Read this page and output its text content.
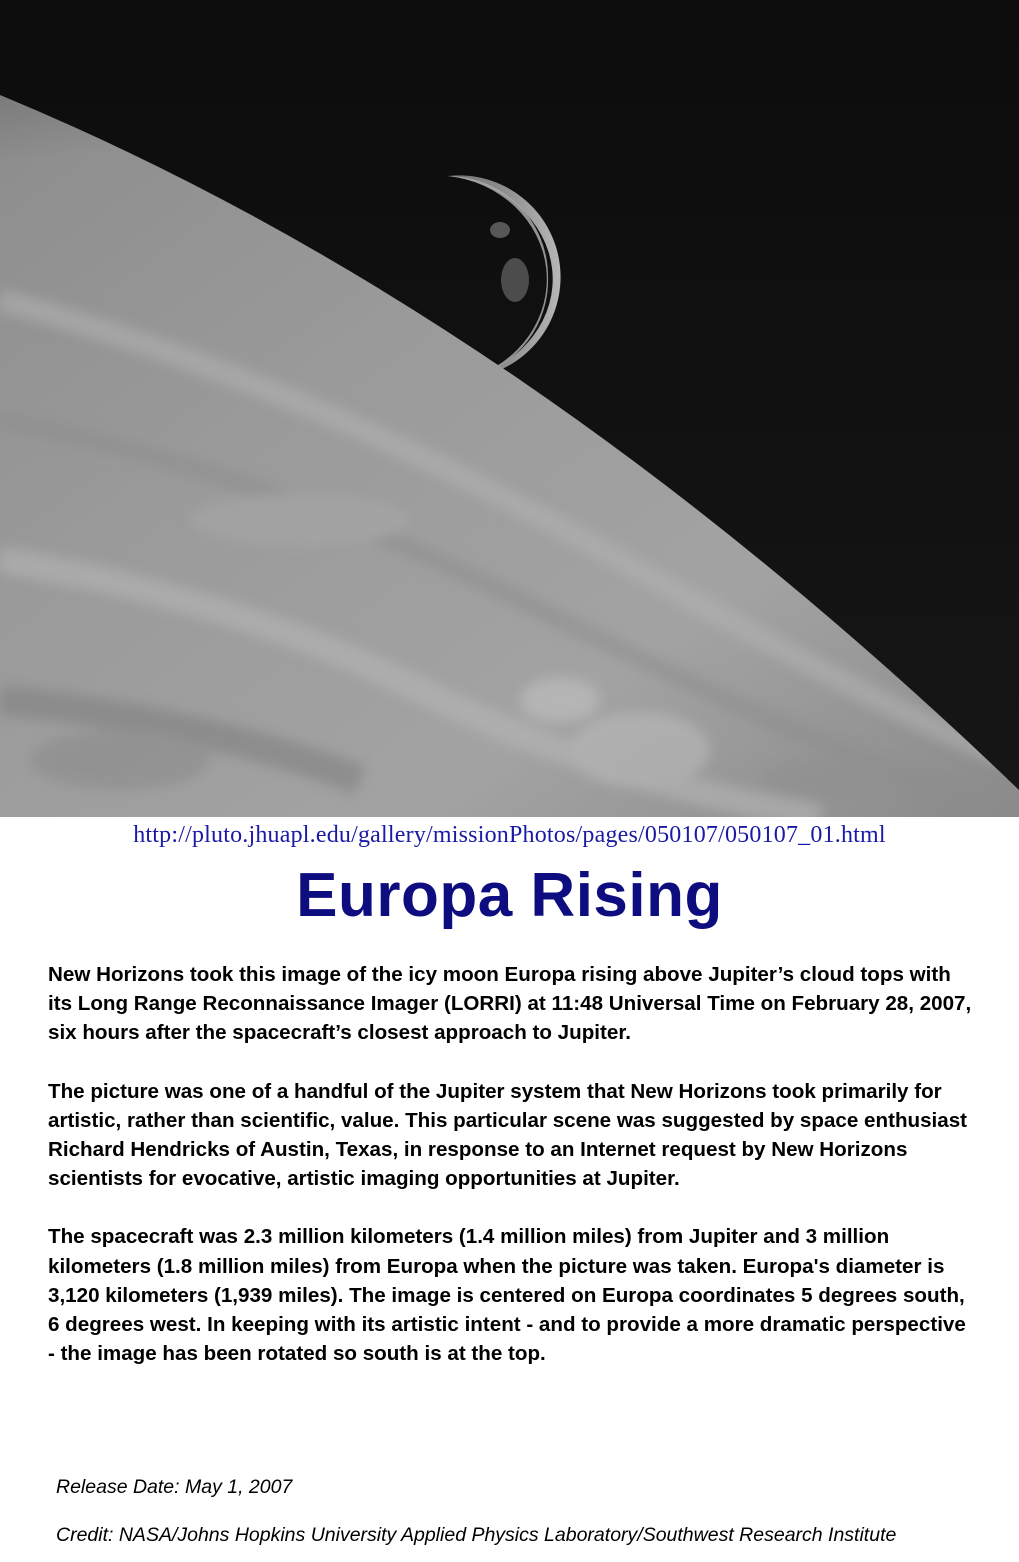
http://pluto.jhuapl.edu/gallery/missionPhotos/pages/050107/050107_01.html
Europa Rising

New Horizons took this image of the icy moon Europa rising above Jupiter’s cloud tops with its Long Range Reconnaissance Imager (LORRI) at 11:48 Universal Time on February 28, 2007, six hours after the spacecraft’s closest approach to Jupiter.

The picture was one of a handful of the Jupiter system that New Horizons took primarily for artistic, rather than scientific, value. This particular scene was suggested by space enthusiast Richard Hendricks of Austin, Texas, in response to an Internet request by New Horizons scientists for evocative, artistic imaging opportunities at Jupiter.

The spacecraft was 2.3 million kilometers (1.4 million miles) from Jupiter and 3 million kilometers (1.8 million miles) from Europa when the picture was taken. Europa's diameter is 3,120 kilometers (1,939 miles). The image is centered on Europa coordinates 5 degrees south, 6 degrees west. In keeping with its artistic intent - and to provide a more dramatic perspective - the image has been rotated so south is at the top.

Release Date: May 1, 2007
Credit: NASA/Johns Hopkins University Applied Physics Laboratory/Southwest Research Institute
